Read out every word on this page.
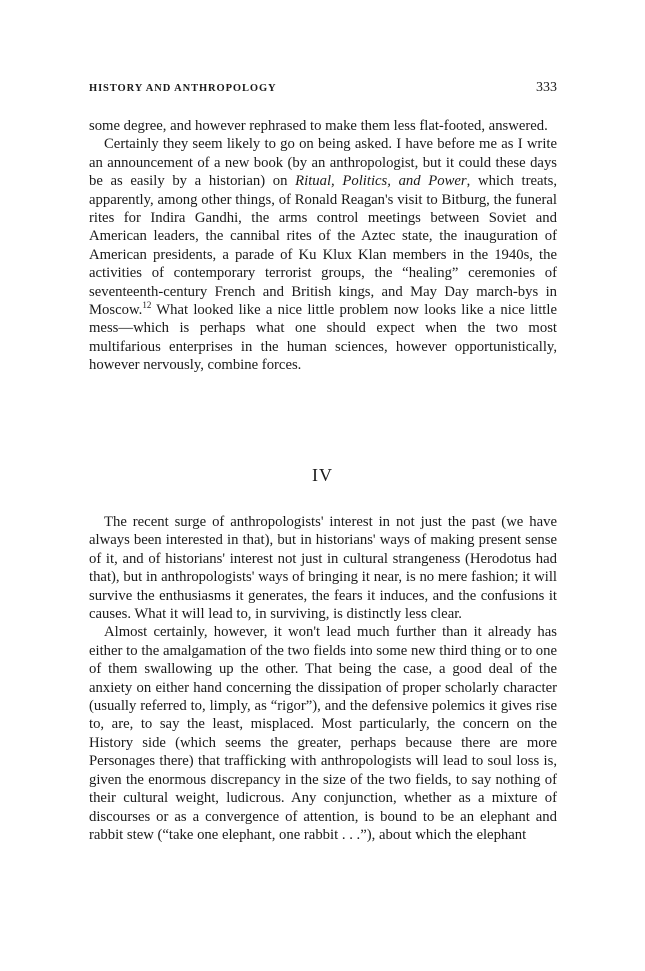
HISTORY AND ANTHROPOLOGY	333

some degree, and however rephrased to make them less flat-footed, answered.

Certainly they seem likely to go on being asked. I have before me as I write an announcement of a new book (by an anthropologist, but it could these days be as easily by a historian) on Ritual, Politics, and Power, which treats, apparently, among other things, of Ronald Reagan's visit to Bitburg, the funeral rites for Indira Gandhi, the arms control meetings between Soviet and American leaders, the cannibal rites of the Aztec state, the inauguration of American presidents, a parade of Ku Klux Klan members in the 1940s, the activities of contemporary terrorist groups, the “healing” ceremonies of seventeenth-century French and British kings, and May Day march-bys in Moscow.$^{12}$ What looked like a nice little problem now looks like a nice little mess—which is perhaps what one should expect when the two most multifarious enterprises in the human sciences, however opportunistically, however nervously, combine forces.

IV

The recent surge of anthropologists' interest in not just the past (we have always been interested in that), but in historians' ways of making present sense of it, and of historians' interest not just in cultural strangeness (Herodotus had that), but in anthropologists' ways of bringing it near, is no mere fashion; it will survive the enthusiasms it generates, the fears it induces, and the confusions it causes. What it will lead to, in surviving, is distinctly less clear.

Almost certainly, however, it won't lead much further than it already has either to the amalgamation of the two fields into some new third thing or to one of them swallowing up the other. That being the case, a good deal of the anxiety on either hand concerning the dissipation of proper scholarly character (usually referred to, limply, as “rigor”), and the defensive polemics it gives rise to, are, to say the least, misplaced. Most particularly, the concern on the History side (which seems the greater, perhaps because there are more Personages there) that trafficking with anthropologists will lead to soul loss is, given the enormous discrepancy in the size of the two fields, to say nothing of their cultural weight, ludicrous. Any conjunction, whether as a mixture of discourses or as a convergence of attention, is bound to be an elephant and rabbit stew (“take one elephant, one rabbit . . .”), about which the elephant
